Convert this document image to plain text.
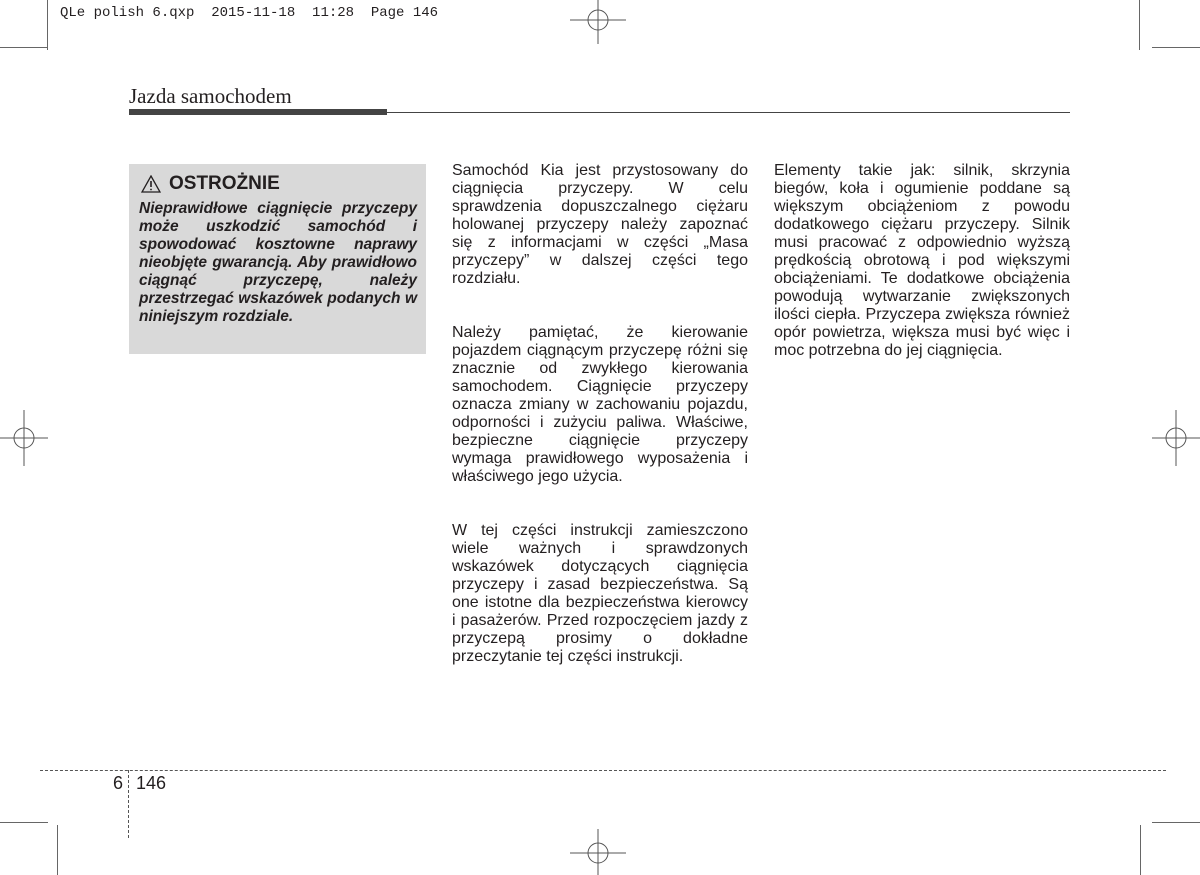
QLe polish 6.qxp  2015-11-18  11:28  Page 146
Jazda samochodem
OSTROŻNIE
Nieprawidłowe ciągnięcie przyczepy może uszkodzić samochód i spowodować kosztowne naprawy nieobjęte gwarancją. Aby prawidłowo ciągnąć przyczepę, należy przestrzegać wskazówek podanych w niniejszym rozdziale.

Samochód Kia jest przystosowany do ciągnięcia przyczepy. W celu sprawdzenia dopuszczalnego ciężaru holowanej przyczepy należy zapoznać się z informacjami w części „Masa przyczepy” w dalszej części tego rozdziału.

Należy pamiętać, że kierowanie pojazdem ciągnącym przyczepę różni się znacznie od zwykłego kierowania samochodem. Ciągnięcie przyczepy oznacza zmiany w zachowaniu pojazdu, odporności i zużyciu paliwa. Właściwe, bezpieczne ciągnięcie przyczepy wymaga prawidłowego wyposażenia i właściwego jego użycia.

W tej części instrukcji zamieszczono wiele ważnych i sprawdzonych wskazówek dotyczących ciągnięcia przyczepy i zasad bezpieczeństwa. Są one istotne dla bezpieczeństwa kierowcy i pasażerów. Przed rozpoczęciem jazdy z przyczepą prosimy o dokładne przeczytanie tej części instrukcji.

Elementy takie jak: silnik, skrzynia biegów, koła i ogumienie poddane są większym obciążeniom z powodu dodatkowego ciężaru przyczepy. Silnik musi pracować z odpowiednio wyższą prędkością obrotową i pod większymi obciążeniami. Te dodatkowe obciążenia powodują wytwarzanie zwiększonych ilości ciepła. Przyczepa zwiększa również opór powietrza, większa musi być więc i moc potrzebna do jej ciągnięcia.

6 146
